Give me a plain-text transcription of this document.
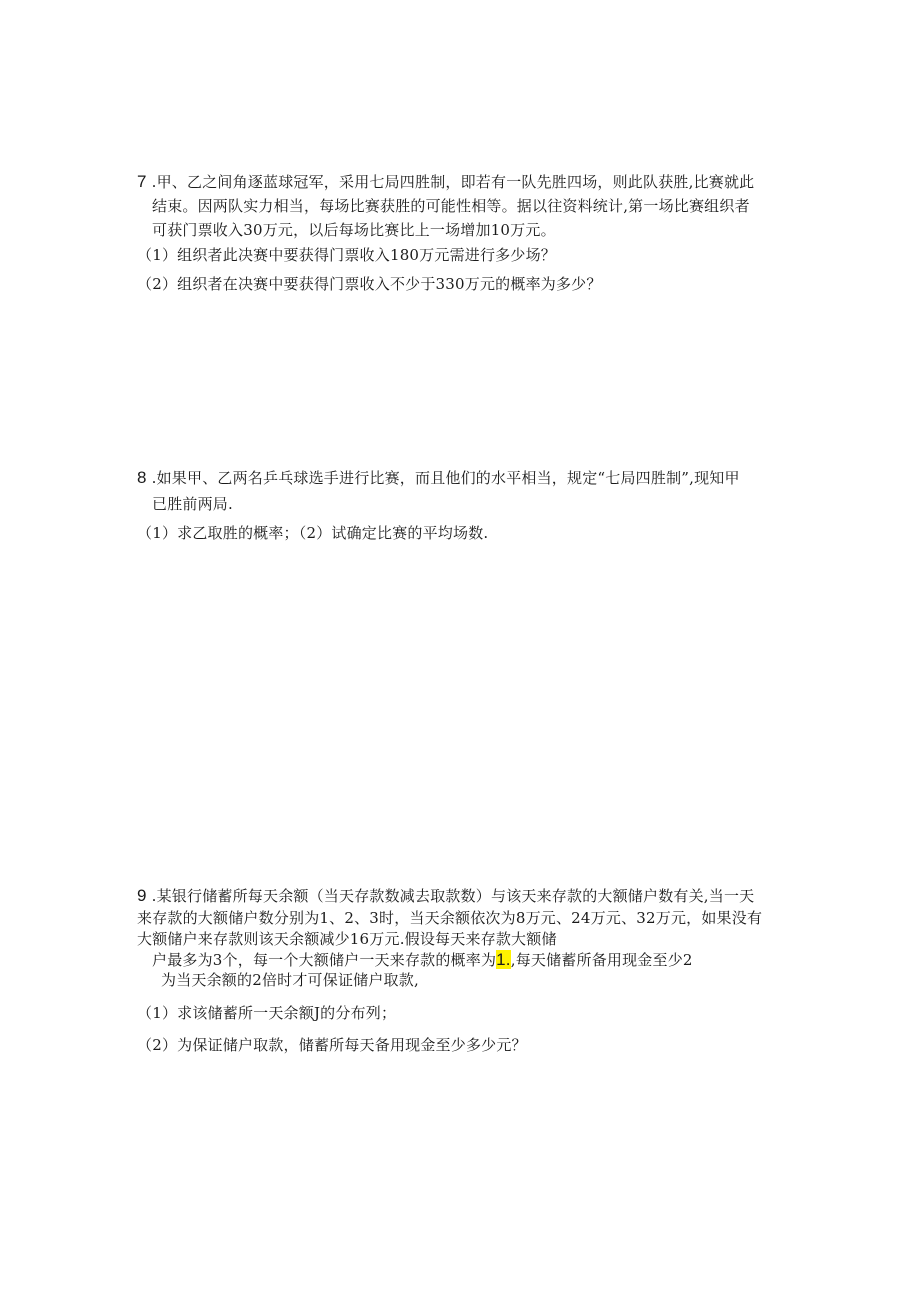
7 .甲、乙之间角逐蓝球冠军，采用七局四胜制，即若有一队先胜四场，则此队获胜,比赛就此
结束。因两队实力相当，每场比赛获胜的可能性相等。据以往资料统计,第一场比赛组织者
可获门票收入30万元，以后每场比赛比上一场增加10万元。
（1）组织者此决赛中要获得门票收入180万元需进行多少场？
（2）组织者在决赛中要获得门票收入不少于330万元的概率为多少？
8 .如果甲、乙两名乒乓球选手进行比赛，而且他们的水平相当，规定“七局四胜制”,现知甲
已胜前两局.
（1）求乙取胜的概率；（2）试确定比赛的平均场数.
9 .某银行储蓄所每天余额（当天存款数减去取款数）与该天来存款的大额储户数有关,当一天
来存款的大额储户数分别为1、2、3时，当天余额依次为8万元、24万元、32万元，如果没有
大额储户来存款则该天余额减少16万元.假设每天来存款大额储
户最多为3个，每一个大额储户一天来存款的概率为1.,每天储蓄所备用现金至少2
为当天余额的2倍时才可保证储户取款,
（1）求该储蓄所一天余额J的分布列；
（2）为保证储户取款，储蓄所每天备用现金至少多少元？
